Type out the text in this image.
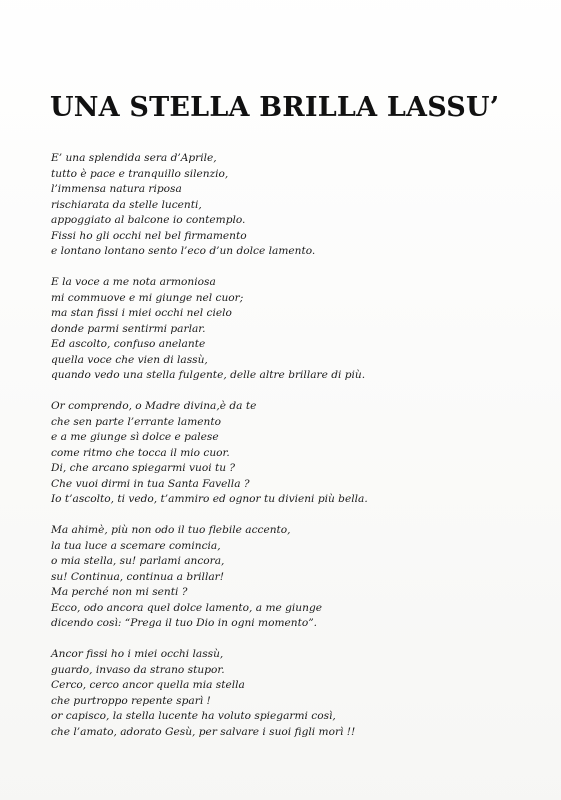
UNA STELLA BRILLA LASSU’

E’ una splendida sera d’Aprile,
tutto è pace e tranquillo silenzio,
l’immensa natura riposa
rischiarata da stelle lucenti,
appoggiato al balcone io contemplo.
Fissi ho gli occhi nel bel firmamento
e lontano lontano sento l’eco d’un dolce lamento.

E la voce a me nota armoniosa
mi commuove e mi giunge nel cuor;
ma stan fissi i miei occhi nel cielo
donde parmi sentirmi parlar.
Ed ascolto, confuso anelante
quella voce che vien di lassù,
quando vedo una stella fulgente, delle altre brillare di più.

Or comprendo, o Madre divina,è da te
che sen parte l’errante lamento
e a me giunge sì dolce e palese
come ritmo che tocca il mio cuor.
Di, che arcano spiegarmi vuoi tu ?
Che vuoi dirmi in tua Santa Favella ?
Io t’ascolto, ti vedo, t’ammiro ed ognor tu divieni più bella.

Ma ahimè, più non odo il tuo flebile accento,
la tua luce a scemare comincia,
o mia stella, su! parlami ancora,
su! Continua, continua a brillar!
Ma perché non mi senti ?
Ecco, odo ancora quel dolce lamento, a me giunge
dicendo così: “Prega il tuo Dio in ogni momento”.

Ancor fissi ho i miei occhi lassù,
guardo, invaso da strano stupor.
Cerco, cerco ancor quella mia stella
che purtroppo repente sparì !
or capisco, la stella lucente ha voluto spiegarmi così,
che l’amato, adorato Gesù, per salvare i suoi figli morì !!
